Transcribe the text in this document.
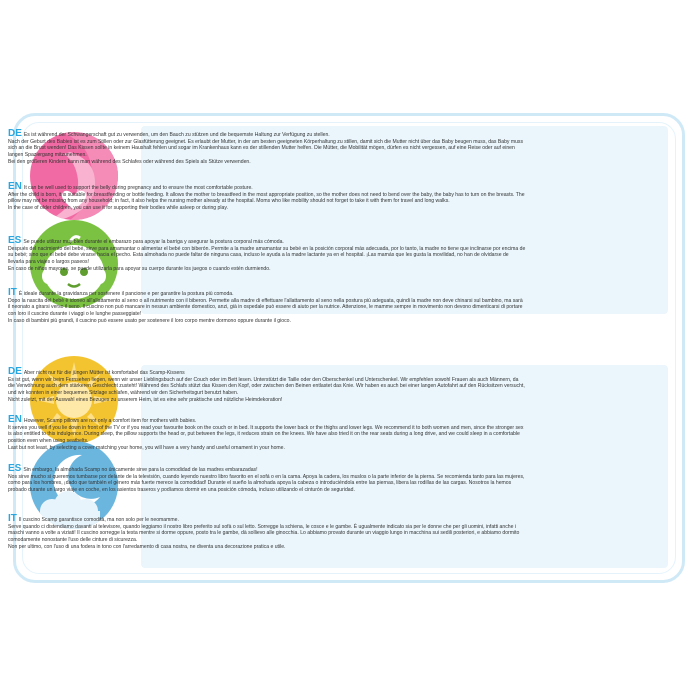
DE Es ist während der Schwangerschaft gut zu verwenden, um den Bauch zu stützen und die bequemste Haltung zur Verfügung zu stellen.

Nach der Geburt des Babies ist es zum Stillen oder zur Glasfütterung geeignet. Es erlaubt der Mutter, in der am besten geeigneten Körperhaltung zu stillen, damit sich die Mutter nicht über das Baby beugen muss, das Baby muss sich an die Brust wenden! Das Kissen sollte in keinem Haushalt fehlen und sogar im Krankenhaus kann es der stillenden Mutter helfen. Die Mütter, die Mobilität mögen, dürfen es nicht vergessen, auf eine Reise oder auf einen langen Spaziergang mitzunehmen.

Bei den größeren Kindern kann man während des Schlafes oder während des Spiels als Stütze verwenden.

EN It can be well used to support the belly during pregnancy and to ensure the most comfortable posture.

After the child is born, it is suitable for breastfeeding or bottle feeding. It allows the mother to breastfeed in the most appropriate position, so the mother does not need to bend over the baby, the baby has to turn on the breasts. The pillow may not be missing from any household; in fact, it also helps the nursing mother already at the hospital. Moms who like mobility should not forget to take it with them for travel and long walks.

In the case of older children, you can use it for supporting their bodies while asleep or during play.

ES Se puede utilizar muy bien durante el embarazo para apoyar la barriga y asegurar la postura corporal más cómoda.

Después del nacimiento del bebé, sirve para amamantar o alimentar el bebé con biberón. Permite a la madre amamantar su bebé en la posición corporal más adecuada, por lo tanto, la madre no tiene que inclinarse por encima de su bebé; sino que el bebé debe virarse hacia el pecho. Esta almohada no puede faltar de ninguna casa, incluso le ayuda a la madre lactante ya en el hospital. ¡Las mamás que les gusta la movilidad, no han de olvidarse de llevarla para viajes o largos paseos!

En caso de niños mayores, se puede utilizarla para apoyar su cuerpo durante los juegos o cuando estén durmiendo.

IT È ideale durante la gravidanza per sostenere il pancione e per garantire la postura più comoda.

Dopo la nascita del bebè è idoneo all'allattamento al seno o all nutrimento con il biberon. Permette alla madre di effettuare l'allattamento al seno nella postura più adeguata, quindi la madre non deve chinarsi sul bambino, ma sarà il neonato a girarsi verso il seno. Il cuscino non può mancare in nessun ambiente domestico, anzi, già in ospedale può essere di aiuto per la nutrice. Attenzione, le mamme sempre in movimento non devono dimenticarsi di portare con loro il cuscino durante i viaggi o le lunghe passeggiate!

In caso di bambini più grandi, il cuscino può essere usato per sostenere il loro corpo mentre dormono oppure durante il gioco.

DE Aber nicht nur für die jüngen Mütter ist komfortabel das Scamp-Kissens

Es ist gut, wenn wir beim Fernsehen liegen, wenn wir unser Lieblingsbuch auf der Couch oder im Bett lesen. Unterstützt die Taille oder den Oberschenkel und Unterschenkel. Wir empfehlen sowohl Frauen als auch Männern, da die Verwöhnung auch dem stärkeren Geschlecht zusteht! Während des Schlafs stützt das Kissen den Kopf, oder zwischen den Beinen entlastet das Knie. Wir haben es auch bei einer langen Autofahrt auf den Rücksitzen versucht, und wir konnten in einer bequemen Sitzlage schlafen, während wir den Sicherheitsgurt benutzt haben.

Nicht zuletzt, mit der Auswahl eines Bezuges zu unserem Heim, ist es eine sehr praktische und nützliche Heimdekoration!

EN However, Scamp pillows are not only a comfort item for mothers with babies.

It serves you well if you lie down in front of the TV or if you read your favourite book on the couch or in bed. It supports the lower back or the thighs and lower legs. We recommend it to both women and men, since the stronger sex is also entitled to this indulgence. During sleep, the pillow supports the head or, put between the legs, it reduces strain on the knees. We have also tried it on the rear seats during a long drive, and we could sleep in a comfortable position even when using seatbelts.

Last but not least, by selecting a cover matching your home, you will have a very handy and useful ornament in your home.

ES Sin embargo, la almohada Scamp no únicamente sirve para la comodidad de las madres embarazadas!

Nos sirve mucho si queremos tumbarse por delante de la televisión, cuando leyendo nuestro libro favorito en el sofá o en la cama. Apoya la cadera, los muslos o la parte inferior de la pierna. Se recomienda tanto para las mujeres, como para los hombres, ¡dado que también el género más fuerte merece la comodidad! Durante el sueño la almohada apoya la cabeza o introduciéndola entre las piernas, libera las rodillas de las cargas. Nosotros la hemos probado durante un largo viaje en coche, en los asientos traseros y podíamos dormir en una posición cómoda, incluso utilizando el cinturón de seguridad.

IT Il cuscino Scamp garantisce comodità, ma non solo per le neomamme.

Serve quando ci distendiamo davanti al televisore, quando leggiamo il nostro libro preferito sul sofà o sul letto. Sorregge la schiena, le cosce e le gambe. È ugualmente indicato sia per le donne che per gli uomini, infatti anche i maschi vanno a volte a viziati! Il cuscino sorregge la testa mentre si dorme oppure, posto tra le gambe, dà sollievo alle ginocchia. Lo abbiamo provato durante un viaggio lungo in macchina sui sedili posteriori, e abbiamo dormito comodamente nonostante l'uso delle cinture di sicurezza.

Non per ultimo, con l'uso di una fodera in tono con l'arredamento di casa nostra, ne diventa una decorazione pratica e utile.
